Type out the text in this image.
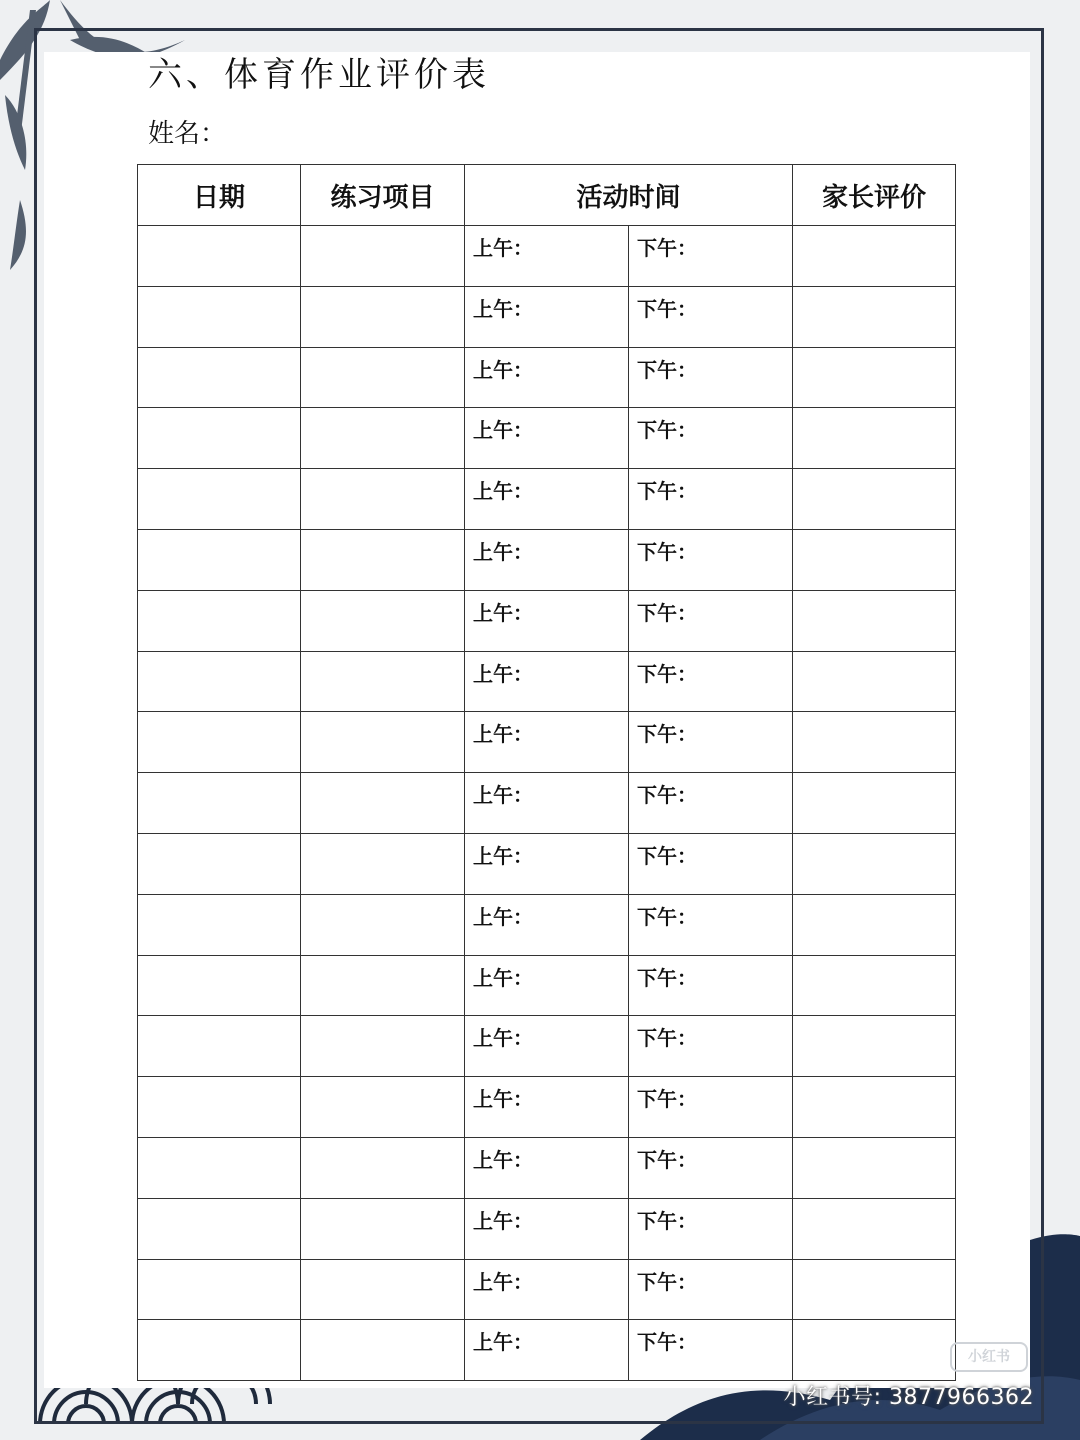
六、体育作业评价表
姓名：
日期	练习项目	活动时间		家长评价
		上午：	下午：	
		上午：	下午：	
		上午：	下午：	
		上午：	下午：	
		上午：	下午：	
		上午：	下午：	
		上午：	下午：	
		上午：	下午：	
		上午：	下午：	
		上午：	下午：	
		上午：	下午：	
		上午：	下午：	
		上午：	下午：	
		上午：	下午：	
		上午：	下午：	
		上午：	下午：	
		上午：	下午：	
		上午：	下午：	
		上午：	下午：	
小红书
小红书号: 3877966362
